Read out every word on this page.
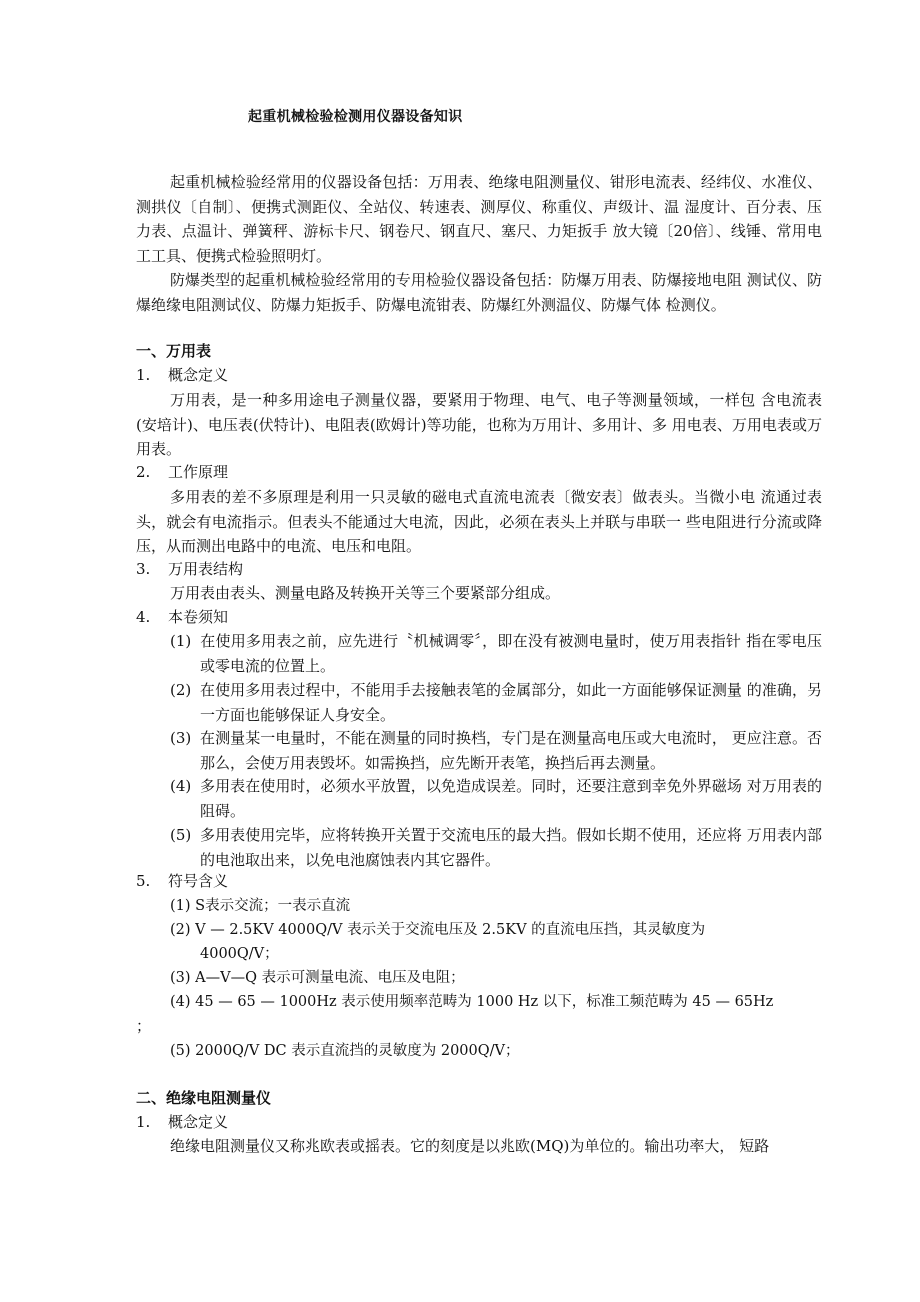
起重机械检验检测用仪器设备知识

起重机械检验经常用的仪器设备包括：万用表、绝缘电阻测量仪、钳形电流表、经纬仪、水准仪、测拱仪〔自制〕、便携式测距仪、全站仪、转速表、测厚仪、称重仪、声级计、温 湿度计、百分表、压力表、点温计、弹簧秤、游标卡尺、钢卷尺、钢直尺、塞尺、力矩扳手 放大镜〔20倍〕、线锤、常用电工工具、便携式检验照明灯。

防爆类型的起重机械检验经常用的专用检验仪器设备包括：防爆万用表、防爆接地电阻 测试仪、防爆绝缘电阻测试仪、防爆力矩扳手、防爆电流钳表、防爆红外测温仪、防爆气体 检测仪。

一、万用表
1. 概念定义

万用表，是一种多用途电子测量仪器，要紧用于物理、电气、电子等测量领域，一样包 含电流表(安培计)、电压表(伏特计)、电阻表(欧姆计)等功能，也称为万用计、多用计、多 用电表、万用电表或万用表。

2. 工作原理

多用表的差不多原理是利用一只灵敏的磁电式直流电流表〔微安表〕做表头。当微小电 流通过表头，就会有电流指示。但表头不能通过大电流，因此，必须在表头上并联与串联一 些电阻进行分流或降压，从而测出电路中的电流、电压和电阻。

3. 万用表结构

万用表由表头、测量电路及转换开关等三个要紧部分组成。

4. 本卷须知

(1) 在使用多用表之前，应先进行〝机械调零〞，即在没有被测电量时，使万用表指针 指在零电压或零电流的位置上。

(2) 在使用多用表过程中，不能用手去接触表笔的金属部分，如此一方面能够保证测量 的准确，另一方面也能够保证人身安全。

(3) 在测量某一电量时，不能在测量的同时换档，专门是在测量高电压或大电流时， 更应注意。否那么，会使万用表毁坏。如需换挡，应先断开表笔，换挡后再去测量。

(4) 多用表在使用时，必须水平放置，以免造成误差。同时，还要注意到幸免外界磁场 对万用表的阻碍。

(5) 多用表使用完毕，应将转换开关置于交流电压的最大挡。假如长期不使用，还应将 万用表内部的电池取出来，以免电池腐蚀表内其它器件。

5. 符号含义
(1) S表示交流；一表示直流
(2) V — 2.5KV 4000Q/V 表示关于交流电压及 2.5KV 的直流电压挡，其灵敏度为
4000Q/V；
(3) A—V—Q 表示可测量电流、电压及电阻；
(4) 45 — 65 — 1000Hz 表示使用频率范畴为 1000 Hz 以下，标准工频范畴为 45 — 65Hz
；
(5) 2000Q/V DC 表示直流挡的灵敏度为 2000Q/V；
二、绝缘电阻测量仪
1. 概念定义

绝缘电阻测量仪又称兆欧表或摇表。它的刻度是以兆欧(MQ)为单位的。输出功率大， 短路
